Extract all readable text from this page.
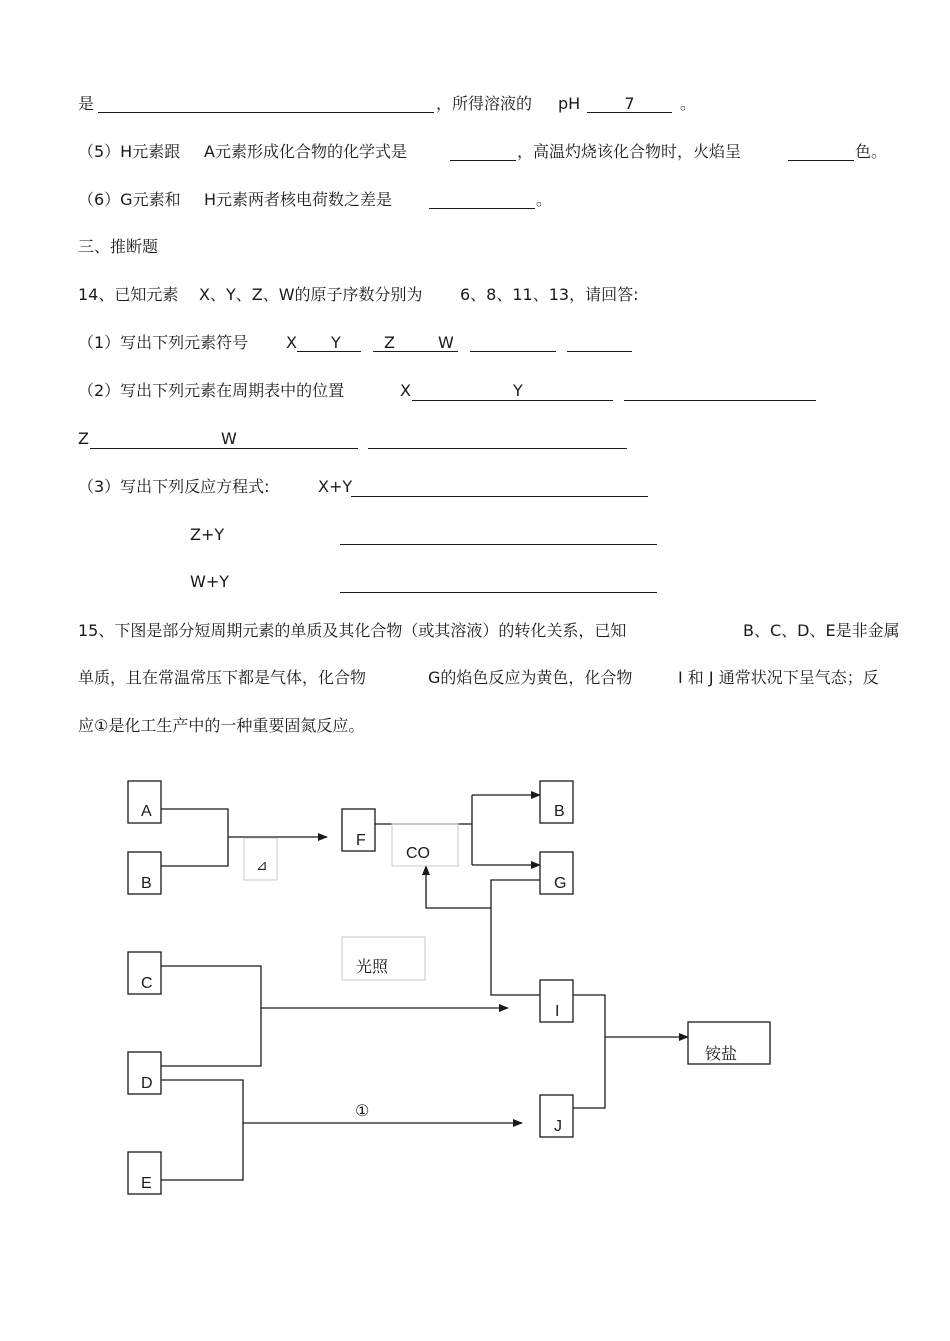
是	，所得溶液的 pH	7	。
（5）H元素跟 A元素形成化合物的化学式是	，高温灼烧该化合物时，火焰呈	色。
（6）G元素和 H元素两者核电荷数之差是	。
三、推断题
14、已知元素 X、Y、Z、W的原子序数分别为 6、8、11、13，请回答:
（1）写出下列元素符号 X Y	Z	W
（2）写出下列元素在周期表中的位置	X	Y
Z	W
（3）写出下列反应方程式:	X+Y
Z+Y
W+Y
15、下图是部分短周期元素的单质及其化合物（或其溶液）的转化关系，已知	B、C、D、E是非金属
单质，且在常温常压下都是气体，化合物	G的焰色反应为黄色，化合物	I 和 J 通常状况下呈气态；反
应①是化工生产中的一种重要固氮反应。
A
B
F
B
G
C
D
E
I
J
铵盐
CO
光照
⊿
①
